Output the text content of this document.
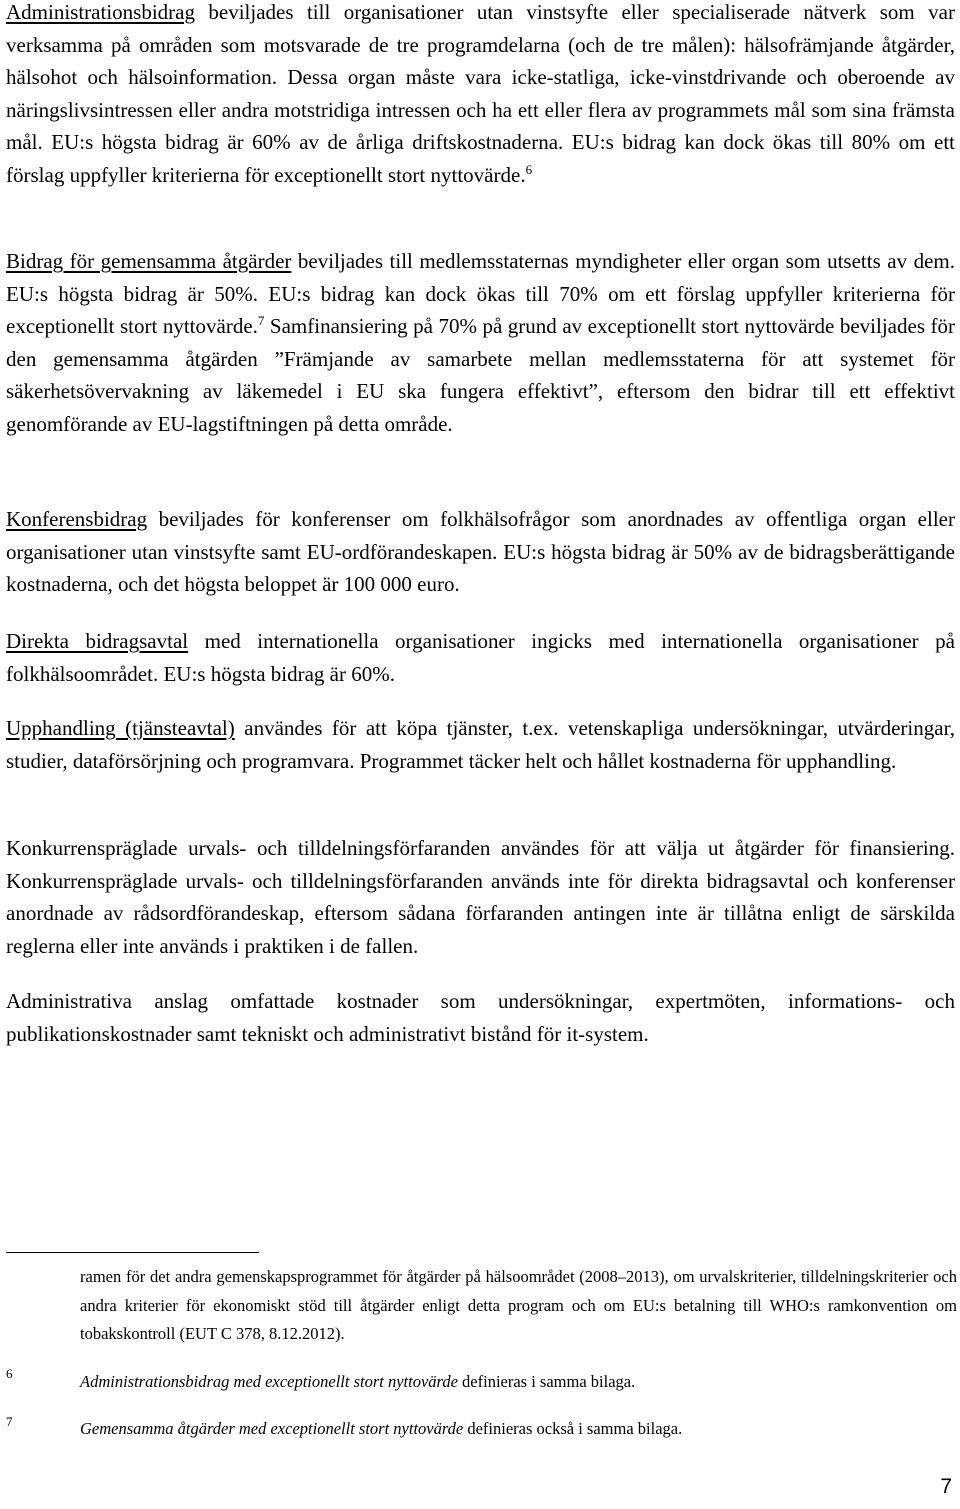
Administrationsbidrag beviljades till organisationer utan vinstsyfte eller specialiserade nätverk som var verksamma på områden som motsvarade de tre programdelarna (och de tre målen): hälsofrämjande åtgärder, hälsohot och hälsoinformation. Dessa organ måste vara icke-statliga, icke-vinstdrivande och oberoende av näringslivsintressen eller andra motstridiga intressen och ha ett eller flera av programmets mål som sina främsta mål. EU:s högsta bidrag är 60% av de årliga driftskostnaderna. EU:s bidrag kan dock ökas till 80% om ett förslag uppfyller kriterierna för exceptionellt stort nyttovärde.$^6$

Bidrag för gemensamma åtgärder beviljades till medlemsstaternas myndigheter eller organ som utsetts av dem. EU:s högsta bidrag är 50%. EU:s bidrag kan dock ökas till 70% om ett förslag uppfyller kriterierna för exceptionellt stort nyttovärde.$^7$ Samfinansiering på 70% på grund av exceptionellt stort nyttovärde beviljades för den gemensamma åtgärden ”Främjande av samarbete mellan medlemsstaterna för att systemet för säkerhetsövervakning av läkemedel i EU ska fungera effektivt”, eftersom den bidrar till ett effektivt genomförande av EU-lagstiftningen på detta område.

Konferensbidrag beviljades för konferenser om folkhälsofrågor som anordnades av offentliga organ eller organisationer utan vinstsyfte samt EU-ordförandeskapen. EU:s högsta bidrag är 50% av de bidragsberättigande kostnaderna, och det högsta beloppet är 100 000 euro.

Direkta bidragsavtal med internationella organisationer ingicks med internationella organisationer på folkhälsoområdet. EU:s högsta bidrag är 60%.

Upphandling (tjänsteavtal) användes för att köpa tjänster, t.ex. vetenskapliga undersökningar, utvärderingar, studier, dataförsörjning och programvara. Programmet täcker helt och hållet kostnaderna för upphandling.

Konkurrenspräglade urvals- och tilldelningsförfaranden användes för att välja ut åtgärder för finansiering. Konkurrenspräglade urvals- och tilldelningsförfaranden används inte för direkta bidragsavtal och konferenser anordnade av rådsordförandeskap, eftersom sådana förfaranden antingen inte är tillåtna enligt de särskilda reglerna eller inte används i praktiken i de fallen.

Administrativa anslag omfattade kostnader som undersökningar, expertmöten, informations- och publikationskostnader samt tekniskt och administrativt bistånd för it-system.

ramen för det andra gemenskapsprogrammet för åtgärder på hälsoområdet (2008–2013), om urvalskriterier, tilldelningskriterier och andra kriterier för ekonomiskt stöd till åtgärder enligt detta program och om EU:s betalning till WHO:s ramkonvention om tobakskontroll (EUT C 378, 8.12.2012).

6	Administrationsbidrag med exceptionellt stort nyttovärde definieras i samma bilaga.

7	Gemensamma åtgärder med exceptionellt stort nyttovärde definieras också i samma bilaga.

7
